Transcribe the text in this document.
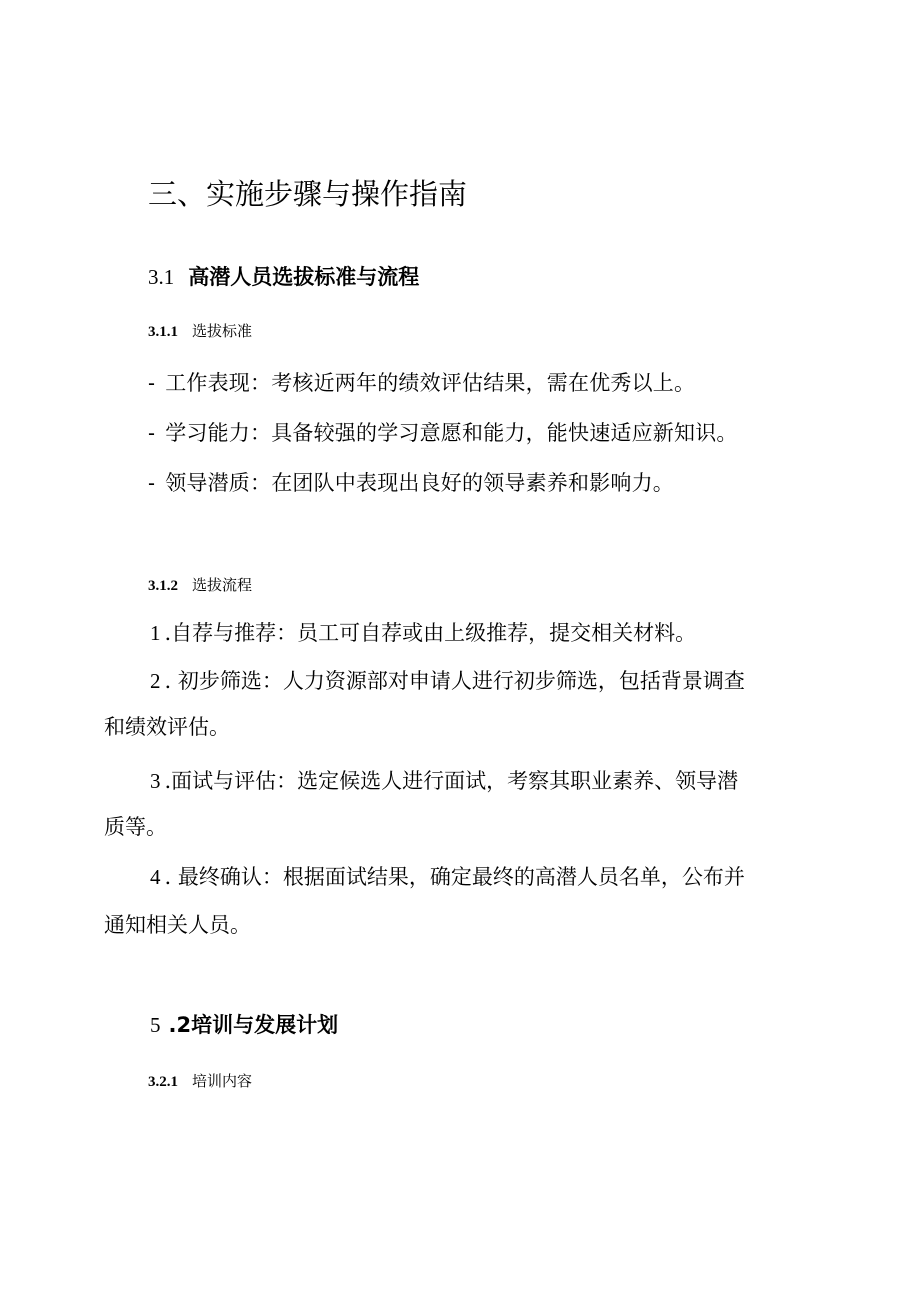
三、实施步骤与操作指南
3.1 高潜人员选拔标准与流程
3.1.1 选拔标准
- 工作表现：考核近两年的绩效评估结果，需在优秀以上。
- 学习能力：具备较强的学习意愿和能力，能快速适应新知识。
- 领导潜质：在团队中表现出良好的领导素养和影响力。
3.1.2 选拔流程
1 .自荐与推荐：员工可自荐或由上级推荐，提交相关材料。
2 . 初步筛选：人力资源部对申请人进行初步筛选，包括背景调查
和绩效评估。
3 .面试与评估：选定候选人进行面试，考察其职业素养、领导潜
质等。
4 . 最终确认：根据面试结果，确定最终的高潜人员名单，公布并
通知相关人员。
5 .2培训与发展计划
3.2.1 培训内容
